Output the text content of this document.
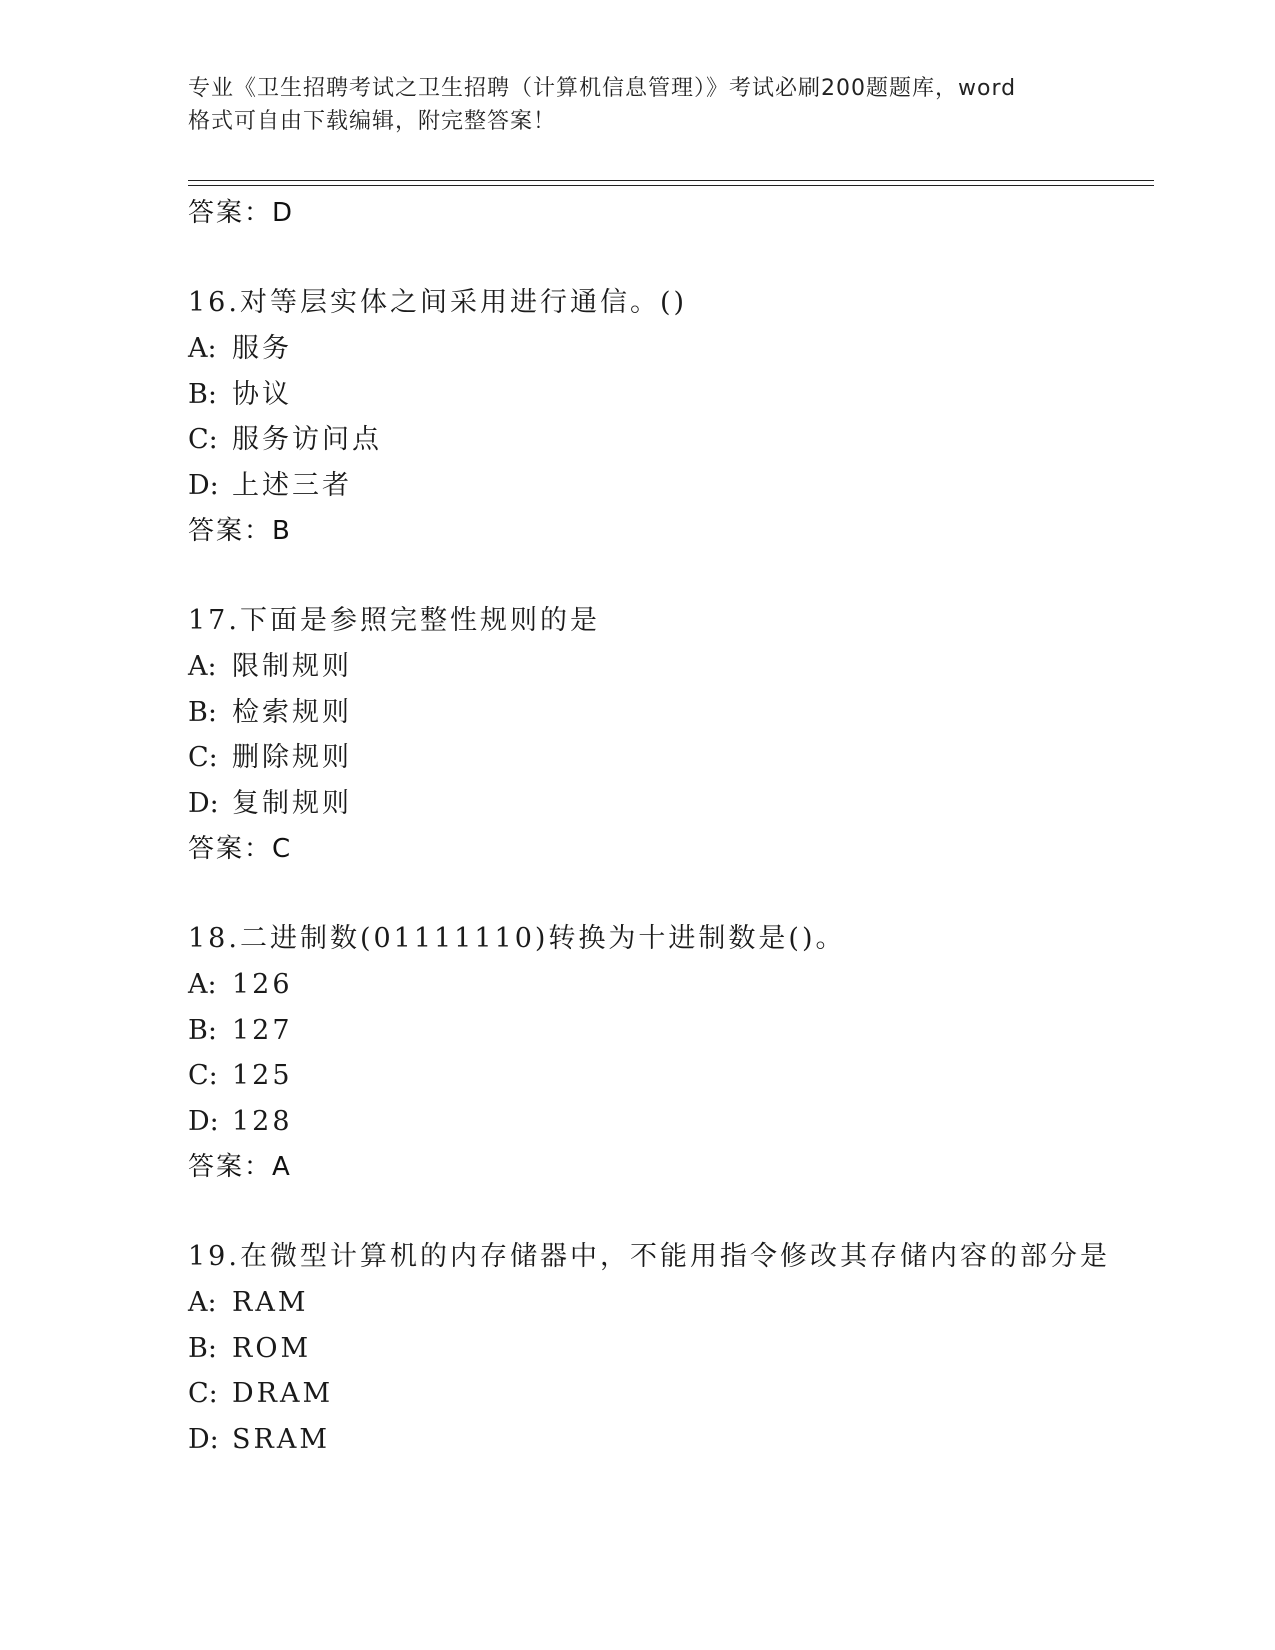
专业《卫生招聘考试之卫生招聘（计算机信息管理）》考试必刷200题题库，word
格式可自由下载编辑，附完整答案！
答案：D
16.对等层实体之间采用进行通信。()
A: 服务
B: 协议
C: 服务访问点
D: 上述三者
答案：B
17.下面是参照完整性规则的是
A: 限制规则
B: 检索规则
C: 删除规则
D: 复制规则
答案：C
18.二进制数(01111110)转换为十进制数是()。
A: 126
B: 127
C: 125
D: 128
答案：A
19.在微型计算机的内存储器中，不能用指令修改其存储内容的部分是
A: RAM
B: ROM
C: DRAM
D: SRAM
